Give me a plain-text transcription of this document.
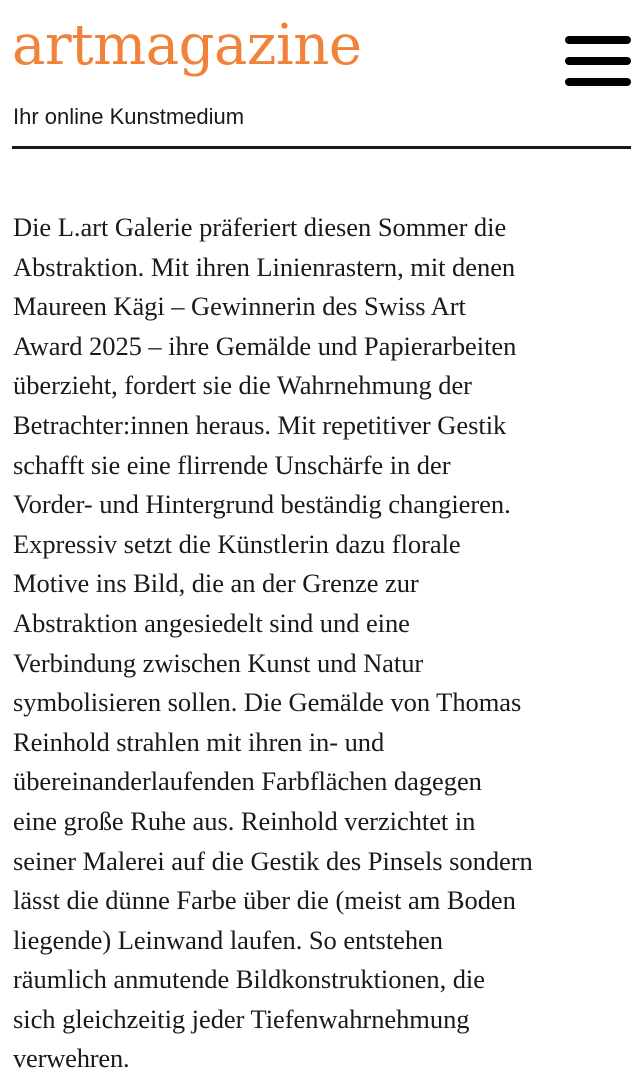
artmagazine
Ihr online Kunstmedium

Die L.art Galerie präferiert diesen Sommer die
Abstraktion. Mit ihren Linienrastern, mit denen
Maureen Kägi – Gewinnerin des Swiss Art
Award 2025 – ihre Gemälde und Papierarbeiten
überzieht, fordert sie die Wahrnehmung der
Betrachter:innen heraus. Mit repetitiver Gestik
schafft sie eine flirrende Unschärfe in der
Vorder- und Hintergrund beständig changieren.
Expressiv setzt die Künstlerin dazu florale
Motive ins Bild, die an der Grenze zur
Abstraktion angesiedelt sind und eine
Verbindung zwischen Kunst und Natur
symbolisieren sollen. Die Gemälde von Thomas
Reinhold strahlen mit ihren in- und
übereinanderlaufenden Farbflächen dagegen
eine große Ruhe aus. Reinhold verzichtet in
seiner Malerei auf die Gestik des Pinsels sondern
lässt die dünne Farbe über die (meist am Boden
liegende) Leinwand laufen. So entstehen
räumlich anmutende Bildkonstruktionen, die
sich gleichzeitig jeder Tiefenwahrnehmung
verwehren.
